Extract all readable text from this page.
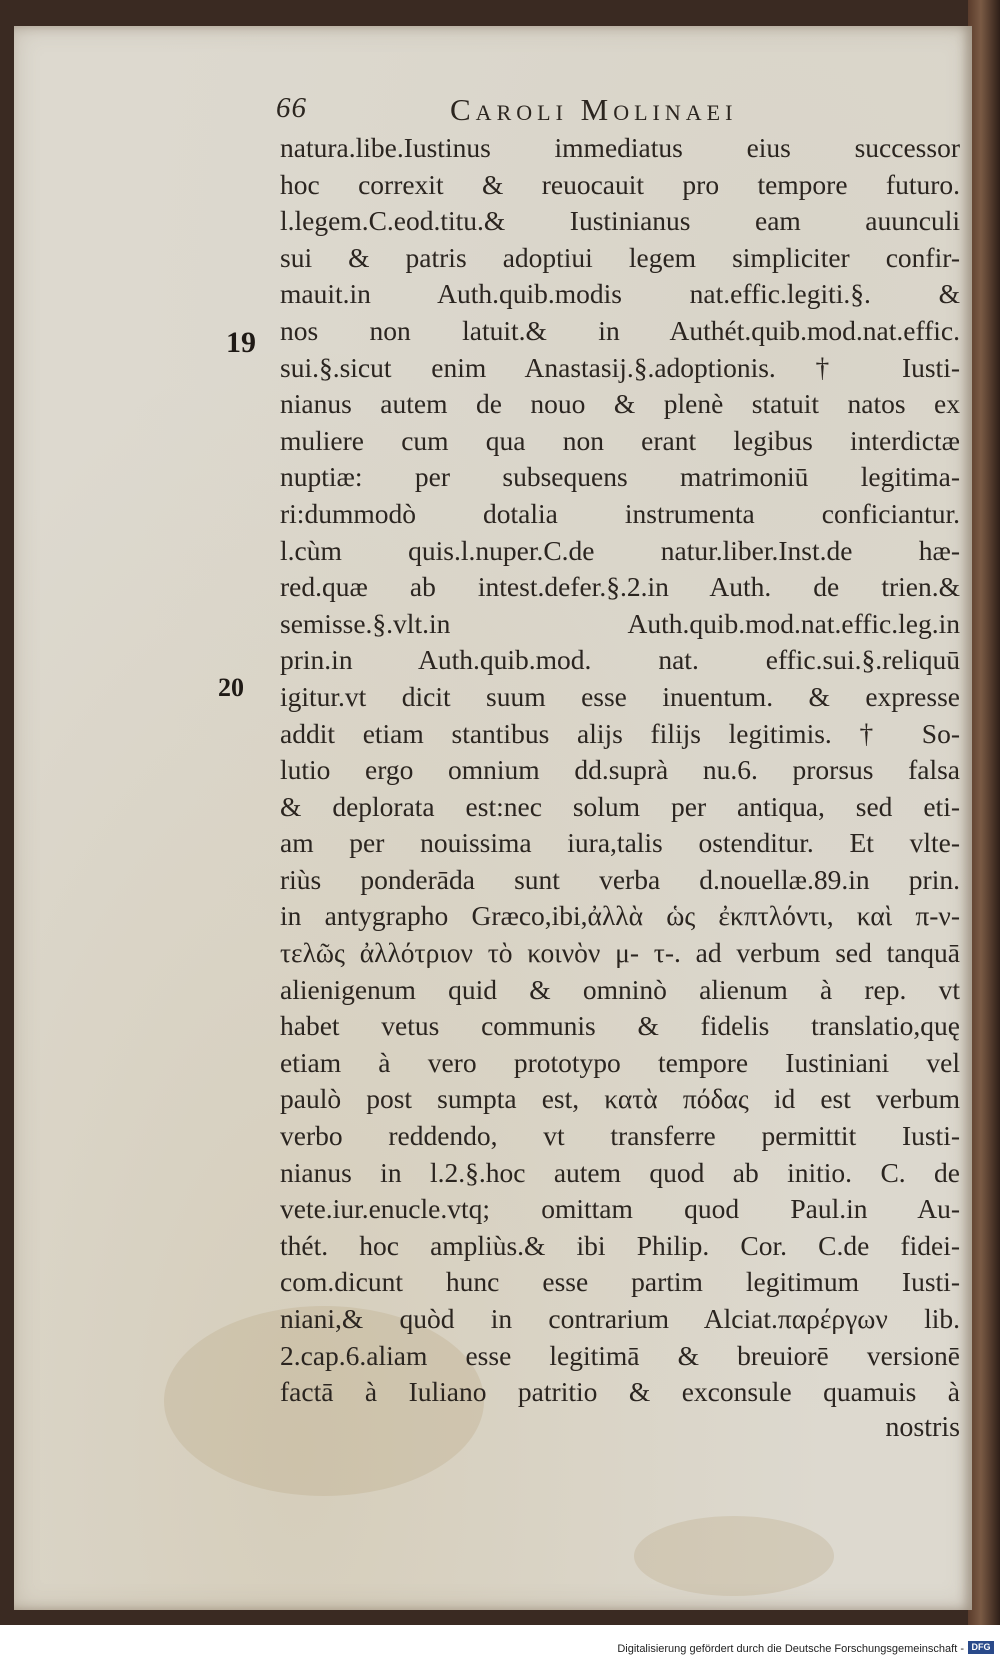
66	Caroli Molinaei
19
20
natura.libe.Iustinus immediatus eius successor
hoc correxit & reuocauit pro tempore futuro.
l.legem.C.eod.titu.& Iustinianus eam auunculi
sui & patris adoptiui legem simpliciter confir-
mauit.in Auth.quib.modis nat.effic.legiti.§. &
nos non latuit.& in Authét.quib.mod.nat.effic.
sui.§.sicut enim Anastasij.§.adoptionis. † Iusti-
nianus autem de nouo & plenè statuit natos ex
muliere cum qua non erant legibus interdictæ
nuptiæ: per subsequens matrimoniū legitima-
ri:dummodò dotalia instrumenta conficiantur.
l.cùm quis.l.nuper.C.de natur.liber.Inst.de hæ-
red.quæ ab intest.defer.§.2.in Auth. de trien.&
semisse.§.vlt.in Auth.quib.mod.nat.effic.leg.in
prin.in Auth.quib.mod. nat. effic.sui.§.reliquū
igitur.vt dicit suum esse inuentum. & expresse
addit etiam stantibus alijs filijs legitimis. † So-
lutio ergo omnium dd.suprà nu.6. prorsus falsa
& deplorata est:nec solum per antiqua, sed eti-
am per nouissima iura,talis ostenditur. Et vlte-
riùs ponderāda sunt verba d.nouellæ.89.in prin.
in antygrapho Græco,ibi,ἀλλὰ ὡς ἐκπτλόντι, καὶ π-ν-
τελῶς ἀλλότριον τὸ κοινὸν μ- τ-. ad verbum sed tanquā
alienigenum quid & omninò alienum à rep. vt
habet vetus communis & fidelis translatio,quę
etiam à vero prototypo tempore Iustiniani vel
paulò post sumpta est, κατὰ πόδας id est verbum
verbo reddendo, vt transferre permittit Iusti-
nianus in l.2.§.hoc autem quod ab initio. C. de
vete.iur.enucle.vtq; omittam quod Paul.in Au-
thét. hoc ampliùs.& ibi Philip. Cor. C.de fidei-
com.dicunt hunc esse partim legitimum Iusti-
niani,& quòd in contrarium Alciat.παρέργων lib.
2.cap.6.aliam esse legitimā & breuiorē versionē
factā à Iuliano patritio & exconsule quamuis à
nostris
Digitalisierung gefördert durch die Deutsche Forschungsgemeinschaft - DFG
